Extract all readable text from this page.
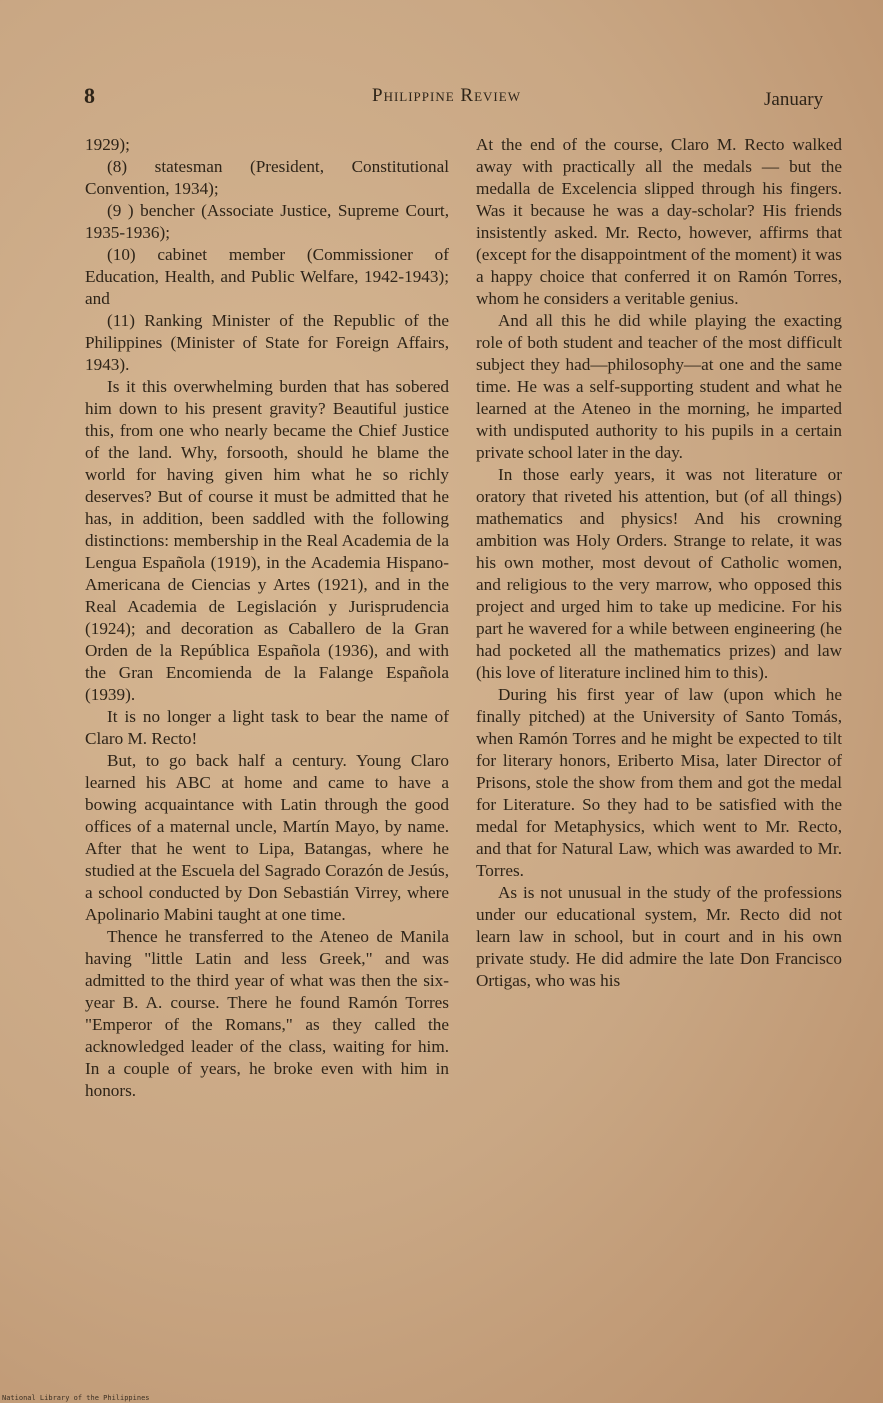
8	Philippine Review	January

1929);

(8) statesman (President, Constitutional Convention, 1934);

(9 ) bencher (Associate Justice, Supreme Court, 1935-1936);

(10) cabinet member (Commissioner of Education, Health, and Public Welfare, 1942-1943); and

(11) Ranking Minister of the Republic of the Philippines (Minister of State for Foreign Affairs, 1943).

Is it this overwhelming burden that has sobered him down to his present gravity? Beautiful justice this, from one who nearly became the Chief Justice of the land. Why, forsooth, should he blame the world for having given him what he so richly deserves? But of course it must be admitted that he has, in addition, been saddled with the following distinctions: membership in the Real Academia de la Lengua Española (1919), in the Academia Hispano-Americana de Ciencias y Artes (1921), and in the Real Academia de Legislación y Jurisprudencia (1924); and decoration as Caballero de la Gran Orden de la República Española (1936), and with the Gran Encomienda de la Falange Española (1939).

It is no longer a light task to bear the name of Claro M. Recto!

But, to go back half a century. Young Claro learned his ABC at home and came to have a bowing acquaintance with Latin through the good offices of a maternal uncle, Martín Mayo, by name. After that he went to Lipa, Batangas, where he studied at the Escuela del Sagrado Corazón de Jesús, a school conducted by Don Sebastián Virrey, where Apolinario Mabini taught at one time.

Thence he transferred to the Ateneo de Manila having "little Latin and less Greek," and was admitted to the third year of what was then the six-year B. A. course. There he found Ramón Torres "Emperor of the Romans," as they called the acknowledged leader of the class, waiting for him. In a couple of years, he broke even with him in honors.

At the end of the course, Claro M. Recto walked away with practically all the medals — but the medalla de Excelencia slipped through his fingers. Was it because he was a day-scholar? His friends insistently asked. Mr. Recto, however, affirms that (except for the disappointment of the moment) it was a happy choice that conferred it on Ramón Torres, whom he considers a veritable genius.

And all this he did while playing the exacting role of both student and teacher of the most difficult subject they had—philosophy—at one and the same time. He was a self-supporting student and what he learned at the Ateneo in the morning, he imparted with undisputed authority to his pupils in a certain private school later in the day.

In those early years, it was not literature or oratory that riveted his attention, but (of all things) mathematics and physics! And his crowning ambition was Holy Orders. Strange to relate, it was his own mother, most devout of Catholic women, and religious to the very marrow, who opposed this project and urged him to take up medicine. For his part he wavered for a while between engineering (he had pocketed all the mathematics prizes) and law (his love of literature inclined him to this).

During his first year of law (upon which he finally pitched) at the University of Santo Tomás, when Ramón Torres and he might be expected to tilt for literary honors, Eriberto Misa, later Director of Prisons, stole the show from them and got the medal for Literature. So they had to be satisfied with the medal for Metaphysics, which went to Mr. Recto, and that for Natural Law, which was awarded to Mr. Torres.

As is not unusual in the study of the professions under our educational system, Mr. Recto did not learn law in school, but in court and in his own private study. He did admire the late Don Francisco Ortigas, who was his

National Library of the Philippines
